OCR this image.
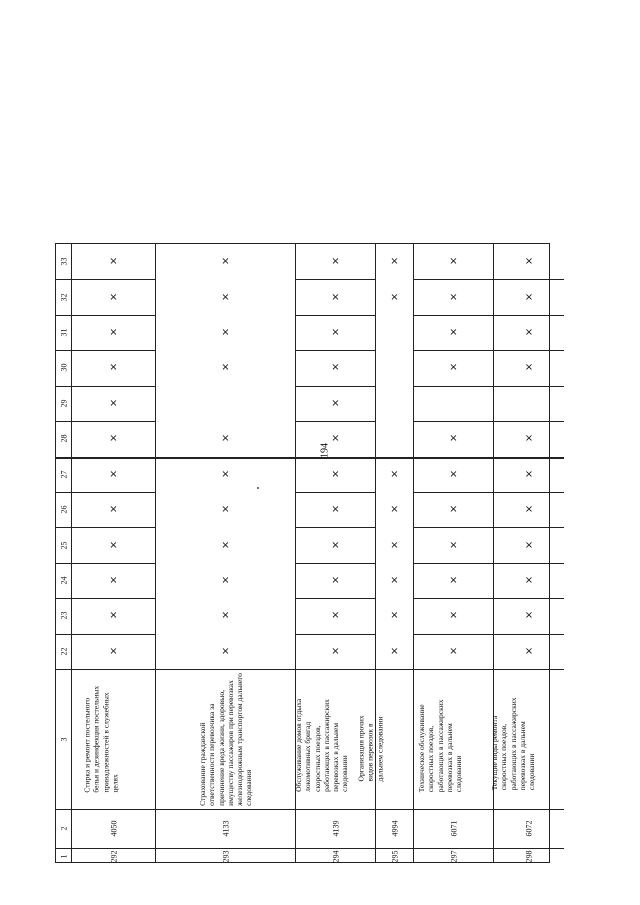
194
1
2
3
22
23
24
25
26
27
28
29
30
31
32
33
292
4050
Стирка и ремонт постельного белья и дезинфекция постельных принадлежностей в служебных целях
×
×
×
×
×
×
×
×
×
×
×
×
293
4133
Страхование гражданской ответственности перевозчика за причинение вреда жизни, здоровью, имуществу пассажиров при перевозках железнодорожным транспортом дальнего следования
×
×
×
×
×
×
×
×
×
×
×
294
4139
Обслуживание домов отдыха локомотивных бригад скоростных поездов, работающих в пассажирских перевозках в дальнем следовании
×
×
×
×
×
×
×
×
×
×
×
×
295
4994
Организация прочих видов перевозок в дальнем следовании
×
×
×
×
×
×
×
×
297
6071
Техническое обслуживание скоростных поездов, работающих в пассажирских перевозках в дальнем следовании
×
×
×
×
×
×
×
×
×
×
×
298
6072
Текущие виды ремонта скоростных поездов, работающих в пассажирских перевозках в дальнем следовании
×
×
×
×
×
×
×
×
×
×
×
